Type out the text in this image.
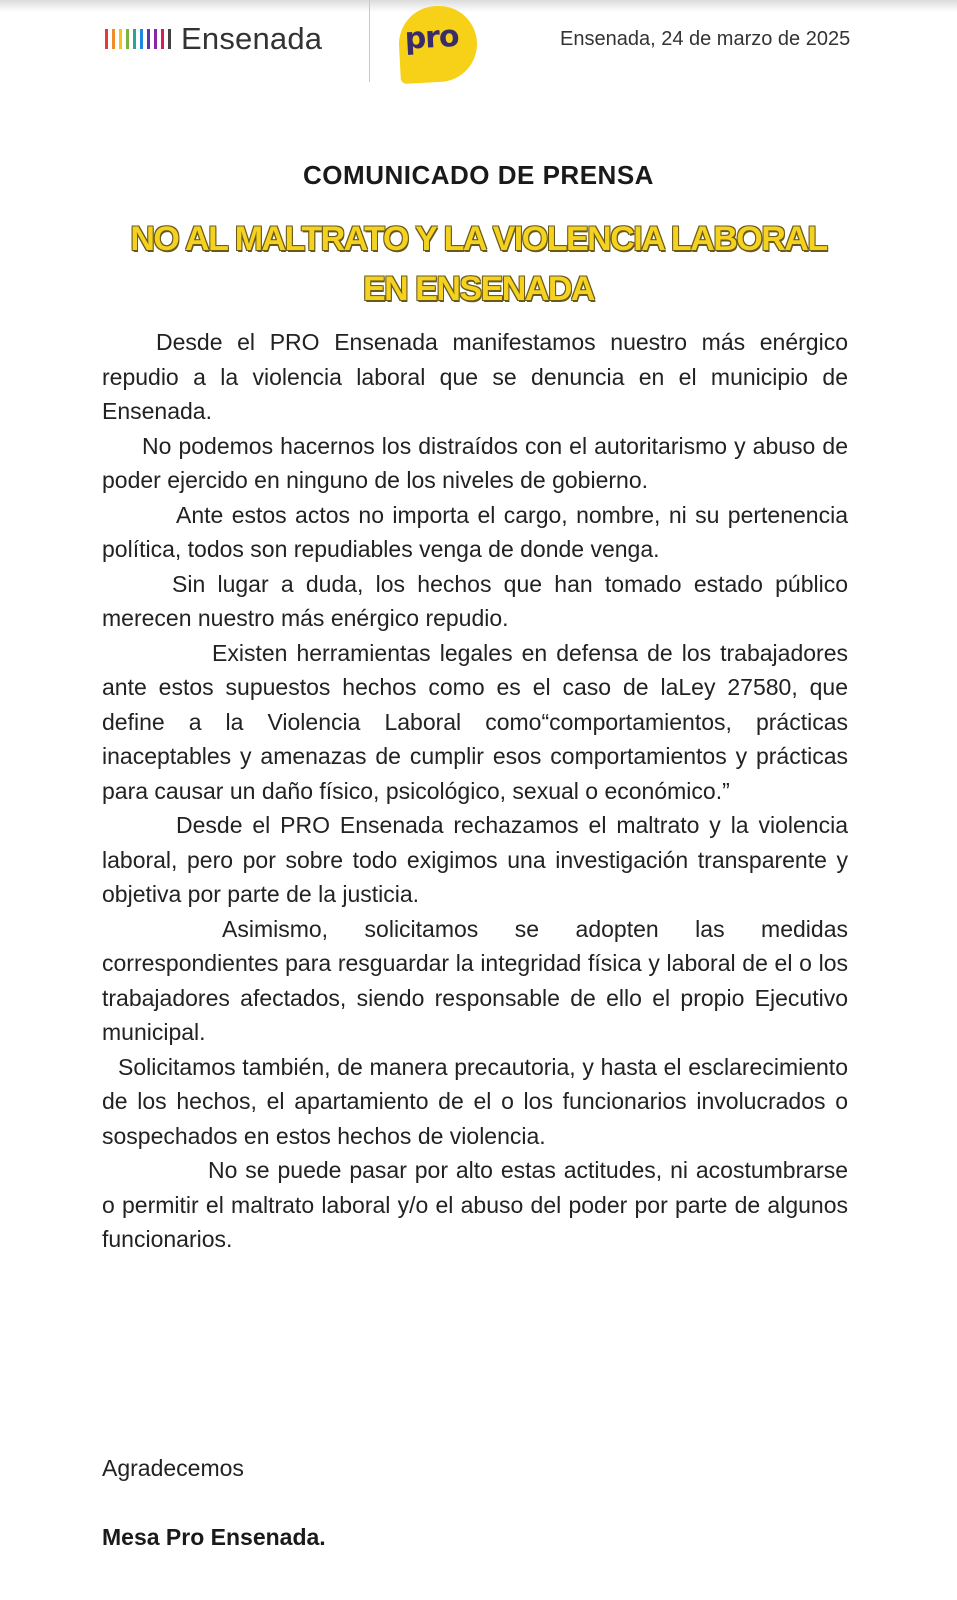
Ensenada	pro	Ensenada, 24 de marzo de 2025
COMUNICADO DE PRENSA
NO AL MALTRATO Y LA VIOLENCIA LABORAL
EN ENSENADA

Desde el PRO Ensenada manifestamos nuestro más enérgico repudio a la violencia laboral que se denuncia en el municipio de Ensenada.

No podemos hacernos los distraídos con el autoritarismo y abuso de poder ejercido en ninguno de los niveles de gobierno.

Ante estos actos no importa el cargo, nombre, ni su pertenencia política, todos son repudiables venga de donde venga.

Sin lugar a duda, los hechos que han tomado estado público merecen nuestro más enérgico repudio.

Existen herramientas legales en defensa de los trabajadores ante estos supuestos hechos como es el caso de laLey 27580, que define a la Violencia Laboral como“comportamientos, prácticas inaceptables y amenazas de cumplir esos comportamientos y prácticas para causar un daño físico, psicológico, sexual o económico.”

Desde el PRO Ensenada rechazamos el maltrato y la violencia laboral, pero por sobre todo exigimos una investigación transparente y objetiva por parte de la justicia.

Asimismo, solicitamos se adopten las medidas correspondientes para resguardar la integridad física y laboral de el o los trabajadores afectados, siendo responsable de ello el propio Ejecutivo municipal.

Solicitamos también, de manera precautoria, y hasta el esclarecimiento de los hechos, el apartamiento de el o los funcionarios involucrados o sospechados en estos hechos de violencia.

No se puede pasar por alto estas actitudes, ni acostumbrarse o permitir el maltrato laboral y/o el abuso del poder por parte de algunos funcionarios.

Agradecemos
Mesa Pro Ensenada.
